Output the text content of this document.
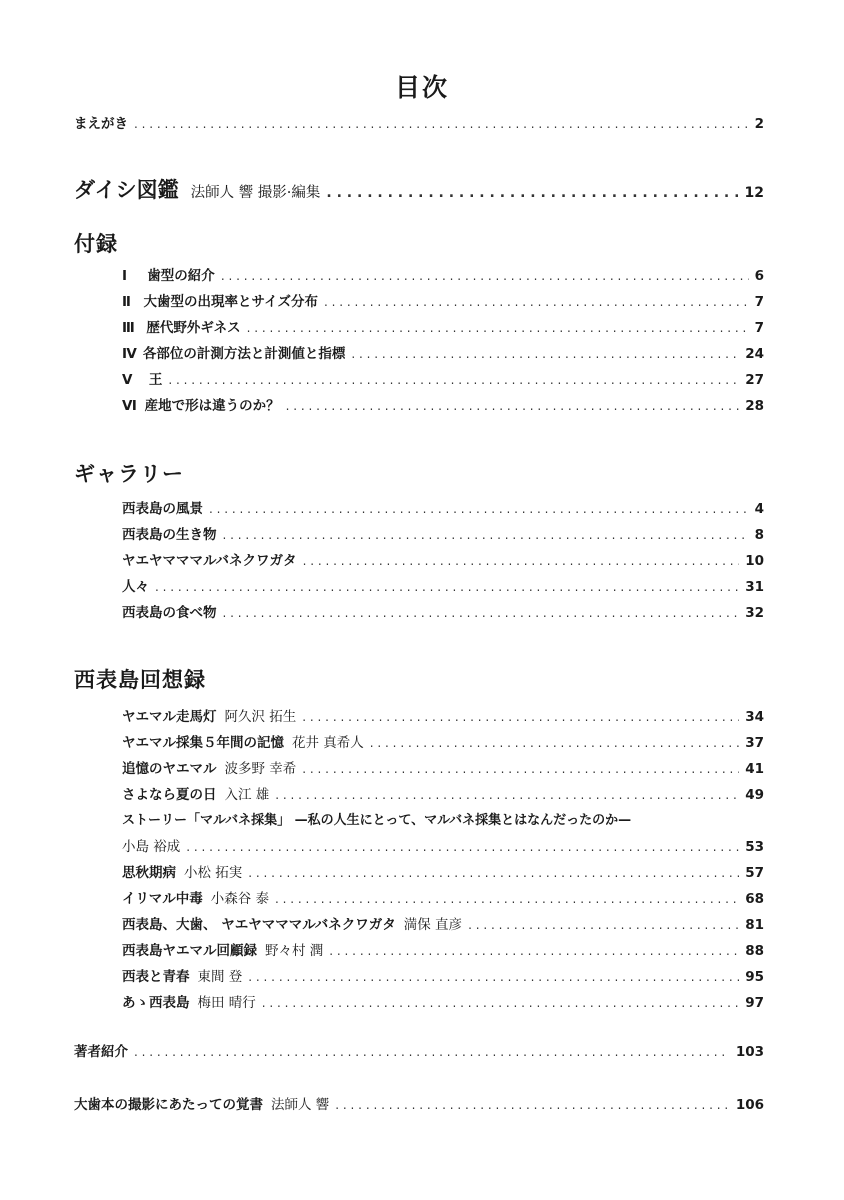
目次
まえがき . . .	2
ダイシ図鑑 法師人 響 撮影·編集 . . .	12
付録
Ⅰ	歯型の紹介 . . .	6
Ⅱ 大歯型の出現率とサイズ分布 . . .	7
Ⅲ 歴代野外ギネス . . .	7
Ⅳ 各部位の計測方法と計測値と指標 . . .	24
Ⅴ	王 . . .	27
Ⅵ 産地で形は違うのか？ . . .	28
ギャラリー
西表島の風景 . . .	4
西表島の生き物 . . .	8
ヤエヤマママルバネクワガタ . . .	10
人々 . . .	31
西表島の食べ物 . . .	32
西表島回想録
ヤエマル走馬灯 阿久沢 拓生 . . .	34
ヤエマル採集５年間の記憶 花井 真希人 . . .	37
追憶のヤエマル 波多野 幸希 . . .	41
さよなら夏の日 入江 雄 . . .	49
ストーリー「マルバネ採集」 —私の人生にとって、マルバネ採集とはなんだったのか—
小島 裕成 . . .	53
思秋期病 小松 拓実 . . .	57
イリマル中毒 小森谷 泰 . . .	68
西表島、大歯、 ヤエヤマママルバネクワガタ 満保 直彦 . . .	81
西表島ヤエマル回顧録 野々村 潤 . . .	88
西表と青春 東間 登 . . .	95
あゝ西表島 梅田 晴行 . . .	97
著者紹介 . . .	103
大歯本の撮影にあたっての覚書 法師人 響 . . .	106
